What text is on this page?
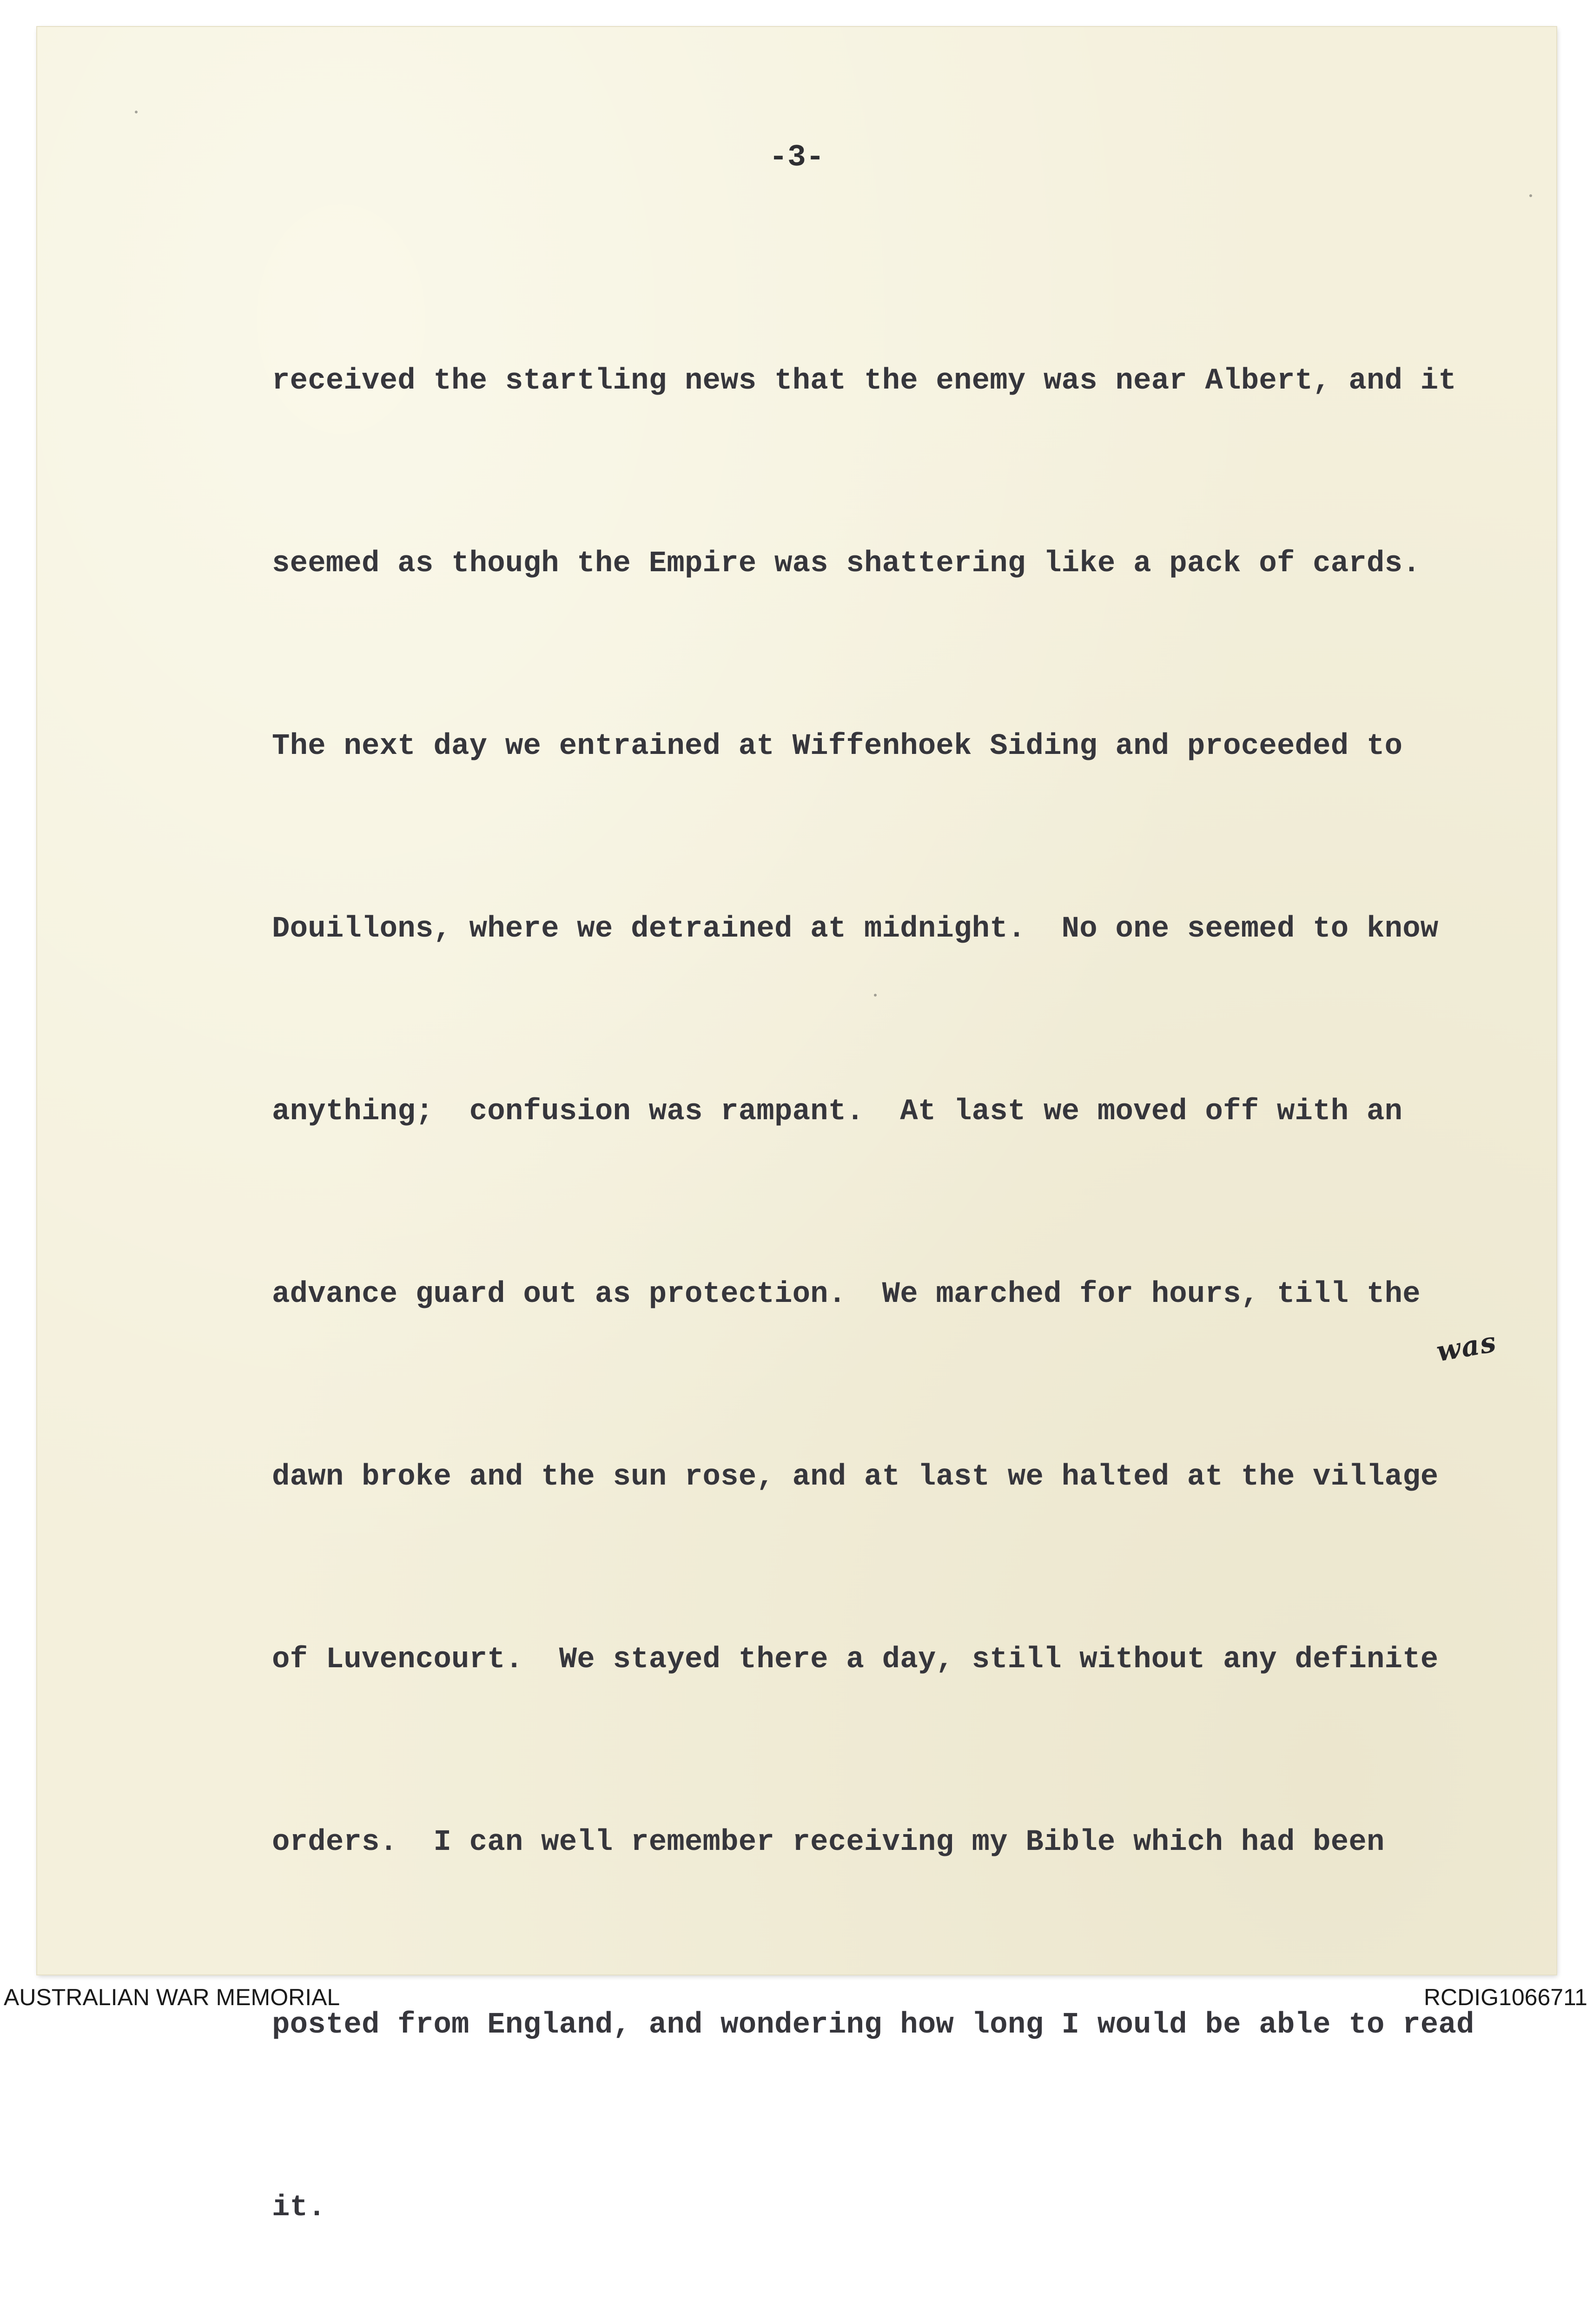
-3-

received the startling news that the enemy was near Albert, and it

seemed as though the Empire was shattering like a pack of cards.

The next day we entrained at Wiffenhoek Siding and proceeded to

Douillons, where we detrained at midnight.  No one seemed to know

anything;  confusion was rampant.  At last we moved off with an

advance guard out as protection.  We marched for hours, till the

dawn broke and the sun rose, and at last we halted at the village

of Luvencourt.  We stayed there a day, still without any definite

orders.  I can well remember receiving my Bible which had been

posted from England, and wondering how long I would be able to read

it.

was
AUSTRALIAN WAR MEMORIAL	RCDIG1066711
